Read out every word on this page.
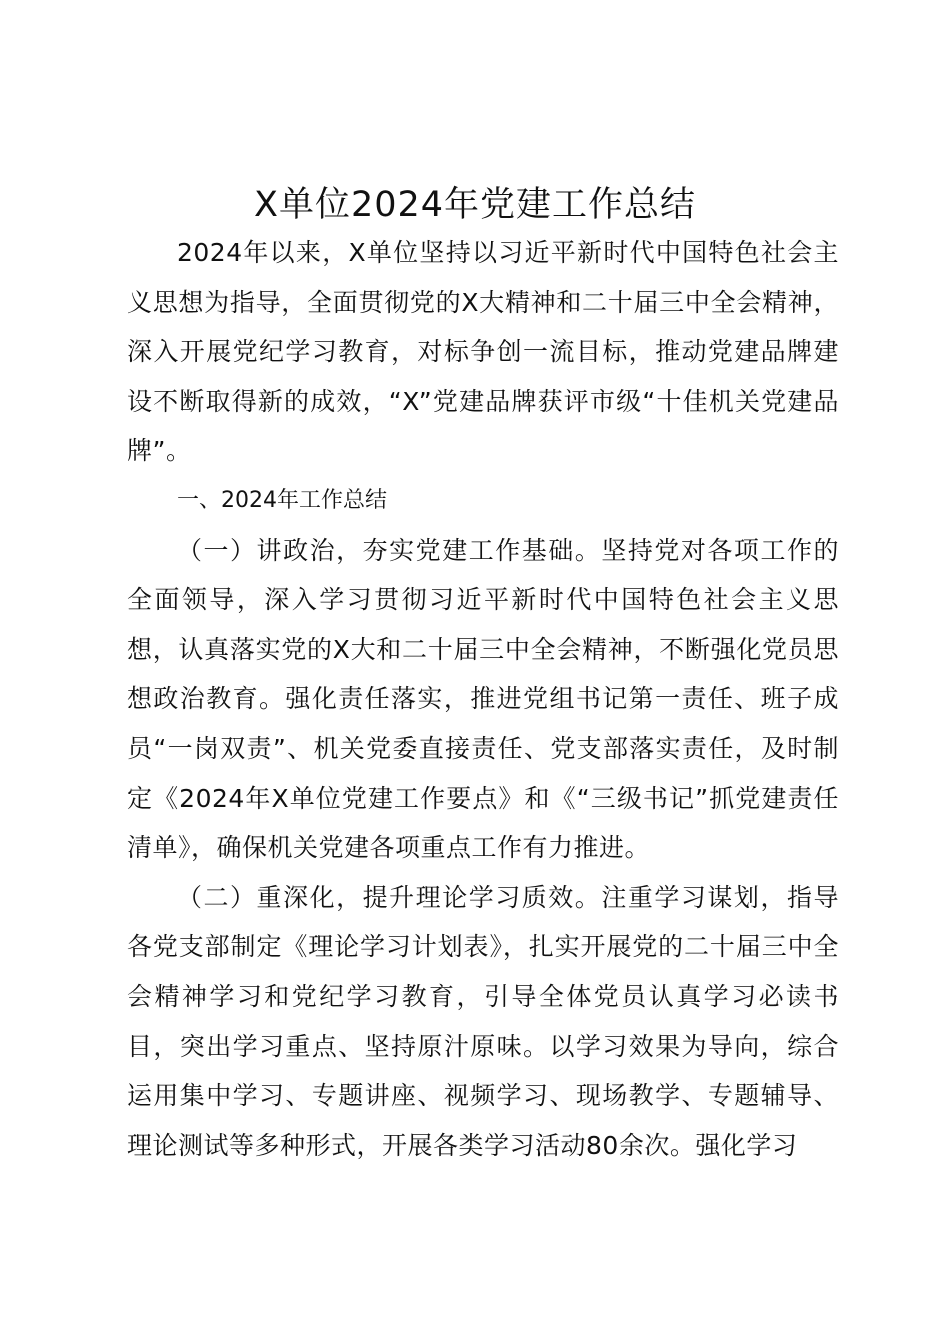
X单位2024年党建工作总结

2024年以来，X单位坚持以习近平新时代中国特色社会主义思想为指导，全面贯彻党的X大精神和二十届三中全会精神，深入开展党纪学习教育，对标争创一流目标，推动党建品牌建设不断取得新的成效，“X”党建品牌获评市级“十佳机关党建品牌”。

一、2024年工作总结

（一）讲政治，夯实党建工作基础。坚持党对各项工作的全面领导，深入学习贯彻习近平新时代中国特色社会主义思想，认真落实党的X大和二十届三中全会精神，不断强化党员思想政治教育。强化责任落实，推进党组书记第一责任、班子成员“一岗双责”、机关党委直接责任、党支部落实责任，及时制定《2024年X单位党建工作要点》和《“三级书记”抓党建责任清单》，确保机关党建各项重点工作有力推进。

（二）重深化，提升理论学习质效。注重学习谋划，指导各党支部制定《理论学习计划表》，扎实开展党的二十届三中全会精神学习和党纪学习教育，引导全体党员认真学习必读书目，突出学习重点、坚持原汁原味。以学习效果为导向，综合运用集中学习、专题讲座、视频学习、现场教学、专题辅导、理论测试等多种形式，开展各类学习活动80余次。强化学习
